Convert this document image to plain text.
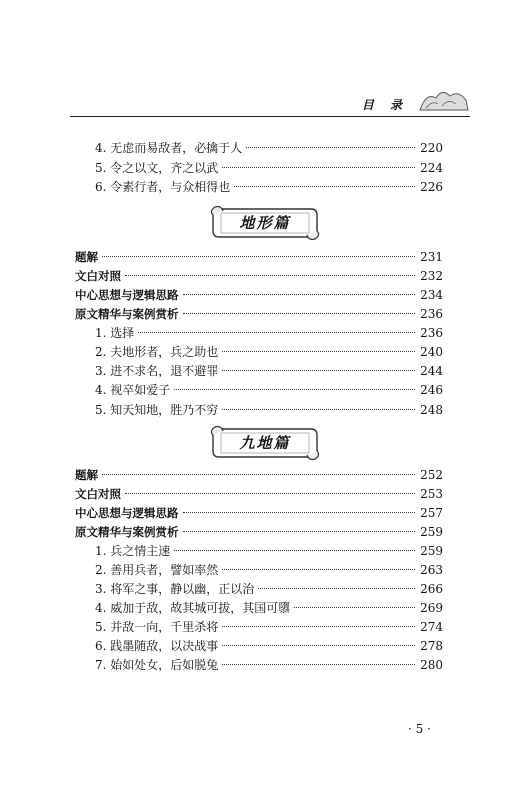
目 录
4. 无虑而易敌者，必擒于人	220
5. 令之以文，齐之以武	224
6. 令素行者，与众相得也	226
地形篇
题解	231
文白对照	232
中心思想与逻辑思路	234
原文精华与案例赏析	236
1. 选择	236
2. 夫地形者，兵之助也	240
3. 进不求名，退不避罪	244
4. 视卒如爱子	246
5. 知天知地，胜乃不穷	248
九地篇
题解	252
文白对照	253
中心思想与逻辑思路	257
原文精华与案例赏析	259
1. 兵之情主速	259
2. 善用兵者，譬如率然	263
3. 将军之事，静以幽，正以治	266
4. 威加于敌，故其城可拔，其国可隳	269
5. 并敌一向，千里杀将	274
6. 践墨随敌，以决战事	278
7. 始如处女，后如脱兔	280
· 5 ·
